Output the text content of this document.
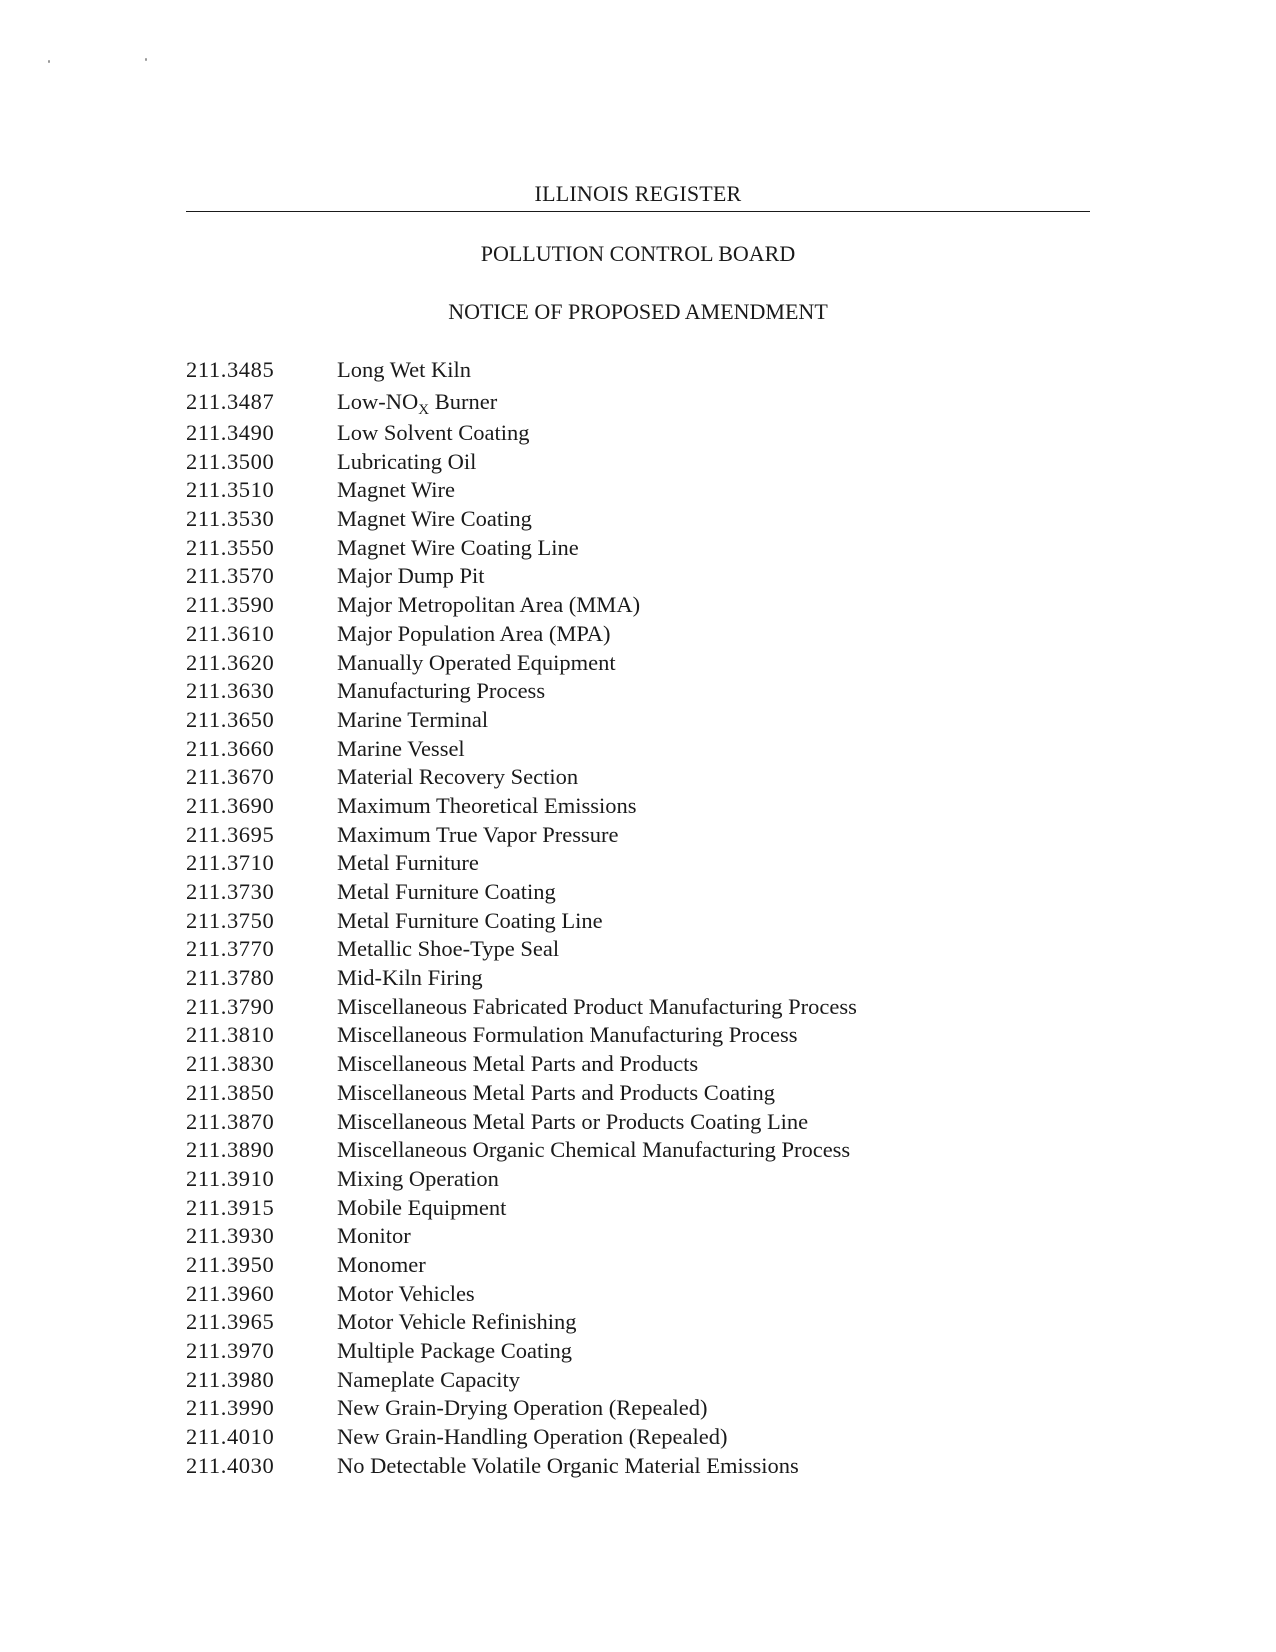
ILLINOIS REGISTER
POLLUTION CONTROL BOARD
NOTICE OF PROPOSED AMENDMENT
211.3485	Long Wet Kiln
211.3487	Low-$NO_X$ Burner
211.3490	Low Solvent Coating
211.3500	Lubricating Oil
211.3510	Magnet Wire
211.3530	Magnet Wire Coating
211.3550	Magnet Wire Coating Line
211.3570	Major Dump Pit
211.3590	Major Metropolitan Area (MMA)
211.3610	Major Population Area (MPA)
211.3620	Manually Operated Equipment
211.3630	Manufacturing Process
211.3650	Marine Terminal
211.3660	Marine Vessel
211.3670	Material Recovery Section
211.3690	Maximum Theoretical Emissions
211.3695	Maximum True Vapor Pressure
211.3710	Metal Furniture
211.3730	Metal Furniture Coating
211.3750	Metal Furniture Coating Line
211.3770	Metallic Shoe-Type Seal
211.3780	Mid-Kiln Firing
211.3790	Miscellaneous Fabricated Product Manufacturing Process
211.3810	Miscellaneous Formulation Manufacturing Process
211.3830	Miscellaneous Metal Parts and Products
211.3850	Miscellaneous Metal Parts and Products Coating
211.3870	Miscellaneous Metal Parts or Products Coating Line
211.3890	Miscellaneous Organic Chemical Manufacturing Process
211.3910	Mixing Operation
211.3915	Mobile Equipment
211.3930	Monitor
211.3950	Monomer
211.3960	Motor Vehicles
211.3965	Motor Vehicle Refinishing
211.3970	Multiple Package Coating
211.3980	Nameplate Capacity
211.3990	New Grain-Drying Operation (Repealed)
211.4010	New Grain-Handling Operation (Repealed)
211.4030	No Detectable Volatile Organic Material Emissions
